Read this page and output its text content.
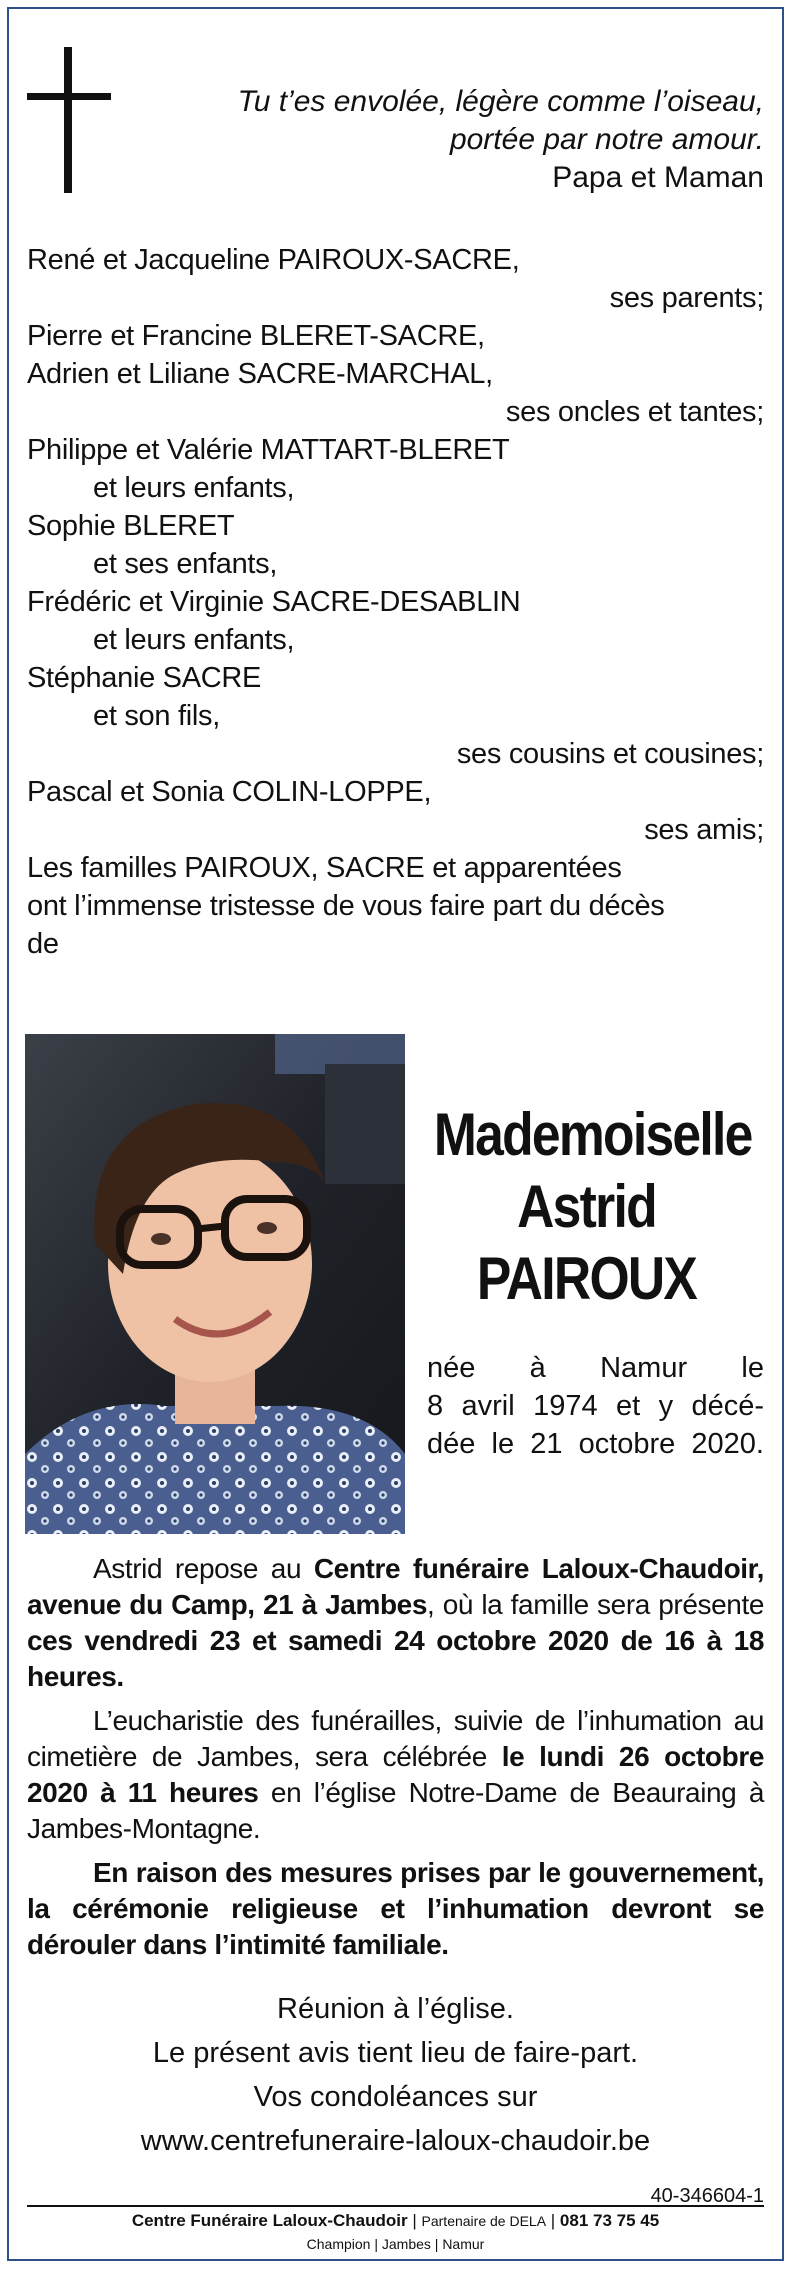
Tu t’es envolée, légère comme l’oiseau,
portée par notre amour.
Papa et Maman
René et Jacqueline PAIROUX-SACRE,
ses parents;
Pierre et Francine BLERET-SACRE,
Adrien et Liliane SACRE-MARCHAL,
ses oncles et tantes;
Philippe et Valérie MATTART-BLERET
et leurs enfants,
Sophie BLERET
et ses enfants,
Frédéric et Virginie SACRE-DESABLIN
et leurs enfants,
Stéphanie SACRE
et son fils,
ses cousins et cousines;
Pascal et Sonia COLIN-LOPPE,
ses amis;
Les familles PAIROUX, SACRE et apparentées
ont l’immense tristesse de vous faire part du décès
de
Mademoiselle
Astrid
PAIROUX
née à Namur le
8 avril 1974 et y décé-
dée le 21 octobre 2020.

Astrid repose au Centre funéraire Laloux-Chaudoir, avenue du Camp, 21 à Jambes, où la famille sera présente ces vendredi 23 et samedi 24 octobre 2020 de 16 à 18 heures.

L’eucharistie des funérailles, suivie de l’inhumation au cimetière de Jambes, sera célébrée le lundi 26 octobre 2020 à 11 heures en l’église Notre-Dame de Beauraing à Jambes-Montagne.

En raison des mesures prises par le gouvernement, la cérémonie religieuse et l’inhumation devront se dérouler dans l’intimité familiale.

Réunion à l’église.
Le présent avis tient lieu de faire-part.
Vos condoléances sur
www.centrefuneraire-laloux-chaudoir.be
40-346604-1
Centre Funéraire Laloux-Chaudoir | Partenaire de DELA | 081 73 75 45
Champion | Jambes | Namur
